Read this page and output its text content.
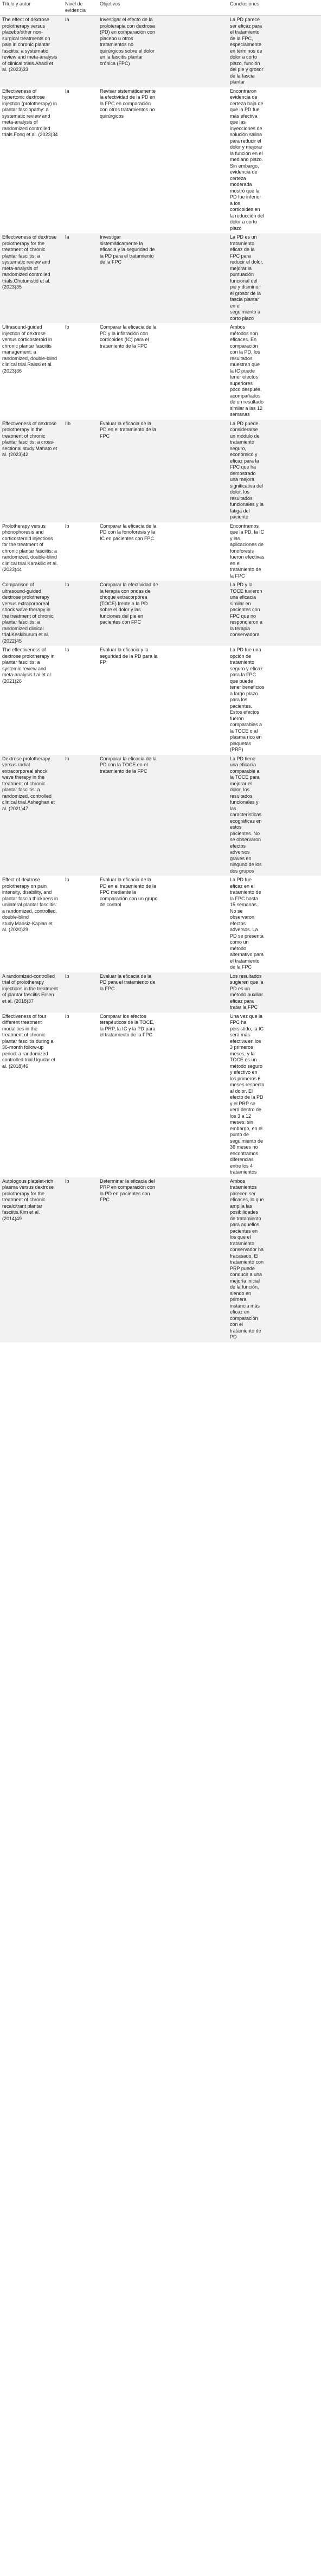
Título y autor	Nivel de evidencia	Objetivos	Conclusiones

The effect of dextrose prolotherapy versus placebo/other non-surgical treatments on pain in chronic plantar fasciitis: a systematic review and meta-analysis of clinical trials.Ahadi et al. (2023)33	Ia	Investigar el efecto de la proloterapia con dextrosa (PD) en comparación con placebo u otros tratamientos no quirúrgicos sobre el dolor en la fascitis plantar crónica (FPC)	La PD parece ser eficaz para el tratamiento de la FPC, especialmente en términos de dolor a corto plazo, función del pie y grosor de la fascia plantar

Effectiveness of hypertonic dextrose injection (prolotherapy) in plantar fasciopathy: a systematic review and meta-analysis of randomized controlled trials.Fong et al. (2023)34	Ia	Revisar sistemáticamente la efectividad de la PD en la FPC en comparación con otros tratamientos no quirúrgicos	Encontraron evidencia de certeza baja de que la PD fue más efectiva que las inyecciones de solución salina para reducir el dolor y mejorar la función en el mediano plazo. Sin embargo, evidencia de certeza moderada mostró que la PD fue inferior a los corticoides en la reducción del dolor a corto plazo

Effectiveness of dextrose prolotherapy for the treatment of chronic plantar fasciitis: a systematic review and meta-analysis of randomized controlled trials.Chutumstid et al. (2023)35	Ia	Investigar sistemáticamente la eficacia y la seguridad de la PD para el tratamiento de la FPC	La PD es un tratamiento eficaz de la FPC para reducir el dolor, mejorar la puntuación funcional del pie y disminuir el grosor de la fascia plantar en el seguimiento a corto plazo

Ultrasound-guided injection of dextrose versus corticosteroid in chronic plantar fasciitis management: a randomized, double-blind clinical trial.Raissi et al. (2023)36	Ib	Comparar la eficacia de la PD y la infiltración con corticoides (IC) para el tratamiento de la FPC	Ambos métodos son eficaces. En comparación con la PD, los resultados muestran que la IC puede tener efectos superiores poco después, acompañados de un resultado similar a las 12 semanas

Effectiveness of dextrose prolotherapy in the treatment of chronic plantar fasciitis: a cross-sectional study.Mahato et al. (2023)42	IIb	Evaluar la eficacia de la PD en el tratamiento de la FPC	La PD puede considerarse un módulo de tratamiento seguro, económico y eficaz para la FPC que ha demostrado una mejora significativa del dolor, los resultados funcionales y la fatiga del paciente

Prolotherapy versus phonophoresis and corticosteroid injections for the treatment of chronic plantar fasciitis: a randomized, double-blind clinical trial.Karakilic et al. (2023)44	Ib	Comparar la eficacia de la PD con la fonoforesis y la IC en pacientes con FPC	Encontramos que la PD, la IC y las aplicaciones de fonoforesis fueron efectivas en el tratamiento de la FPC

Comparison of ultrasound-guided dextrose prolotherapy versus extracorporeal shock wave therapy in the treatment of chronic plantar fasciitis: a randomized clinical trial.Keskiburum et al. (2022)45	Ib	Comparar la efectividad de la terapia con ondas de choque extracorpórea (TOCE) frente a la PD sobre el dolor y las funciones del pie en pacientes con FPC	La PD y la TOCE tuvieron una eficacia similar en pacientes con FPC que no respondieron a la terapia conservadora

The effectiveness of dextrose prolotherapy in plantar fasciitis: a systemic review and meta-analysis.Lai et al. (2021)26	Ia	Evaluar la eficacia y la seguridad de la PD para la FP	La PD fue una opción de tratamiento seguro y eficaz para la FPC que puede tener beneficios a largo plazo para los pacientes. Estos efectos fueron comparables a la TOCE o al plasma rico en plaquetas (PRP)

Dextrose prolotherapy versus radial extracorporeal shock wave therapy in the treatment of chronic plantar fasciitis: a randomized, controlled clinical trial.Asheghan et al. (2021)47	Ib	Comparar la eficacia de la PD con la TOCE en el tratamiento de la FPC	La PD tiene una eficacia comparable a la TOCE para mejorar el dolor, los resultados funcionales y las características ecográficas en estos pacientes. No se observaron efectos adversos graves en ninguno de los dos grupos

Effect of dextrose prolotherapy on pain intensity, disability, and plantar fascia thickness in unilateral plantar fasciitis: a randomized, controlled, double-blind study.Mansiz-Kaplan et al. (2020)29	Ib	Evaluar la eficacia de la PD en el tratamiento de la FPC mediante la comparación con un grupo de control	La PD fue eficaz en el tratamiento de la FPC hasta 15 semanas. No se observaron efectos adversos. La PD se presenta como un método alternativo para el tratamiento de la FPC

A randomized-controlled trial of prolotherapy injections in the treatment of plantar fasciitis.Ersen et al. (2018)37	Ib	Evaluar la eficacia de la PD para el tratamiento de la FPC	Los resultados sugieren que la PD es un método auxiliar eficaz para tratar la FPC

Effectiveness of four different treatment modalities in the treatment of chronic plantar fasciitis during a 36-month follow-up period: a randomized controlled trial.Ugurlar et al. (2018)46	Ib	Comparar los efectos terapéuticos de la TOCE, la PRP, la IC y la PD para el tratamiento de la FPC	Una vez que la FPC ha persistido, la IC será más efectiva en los 3 primeros meses, y la TOCE es un método seguro y efectivo en los primeros 6 meses respecto al dolor. El efecto de la PD y el PRP se verá dentro de los 3 a 12 meses; sin embargo, en el punto de seguimiento de 36 meses no encontramos diferencias entre los 4 tratamientos

Autologous platelet-rich plasma versus dextrose prolotherapy for the treatment of chronic recalcitrant plantar fasciitis.Kim et al. (2014)49	Ib	Determinar la eficacia del PRP en comparación con la PD en pacientes con FPC	Ambos tratamientos parecen ser eficaces, lo que amplía las posibilidades de tratamiento para aquellos pacientes en los que el tratamiento conservador ha fracasado. El tratamiento con PRP puede conducir a una mejoría inicial de la función, siendo en primera instancia más eficaz en comparación con el tratamiento de PD
